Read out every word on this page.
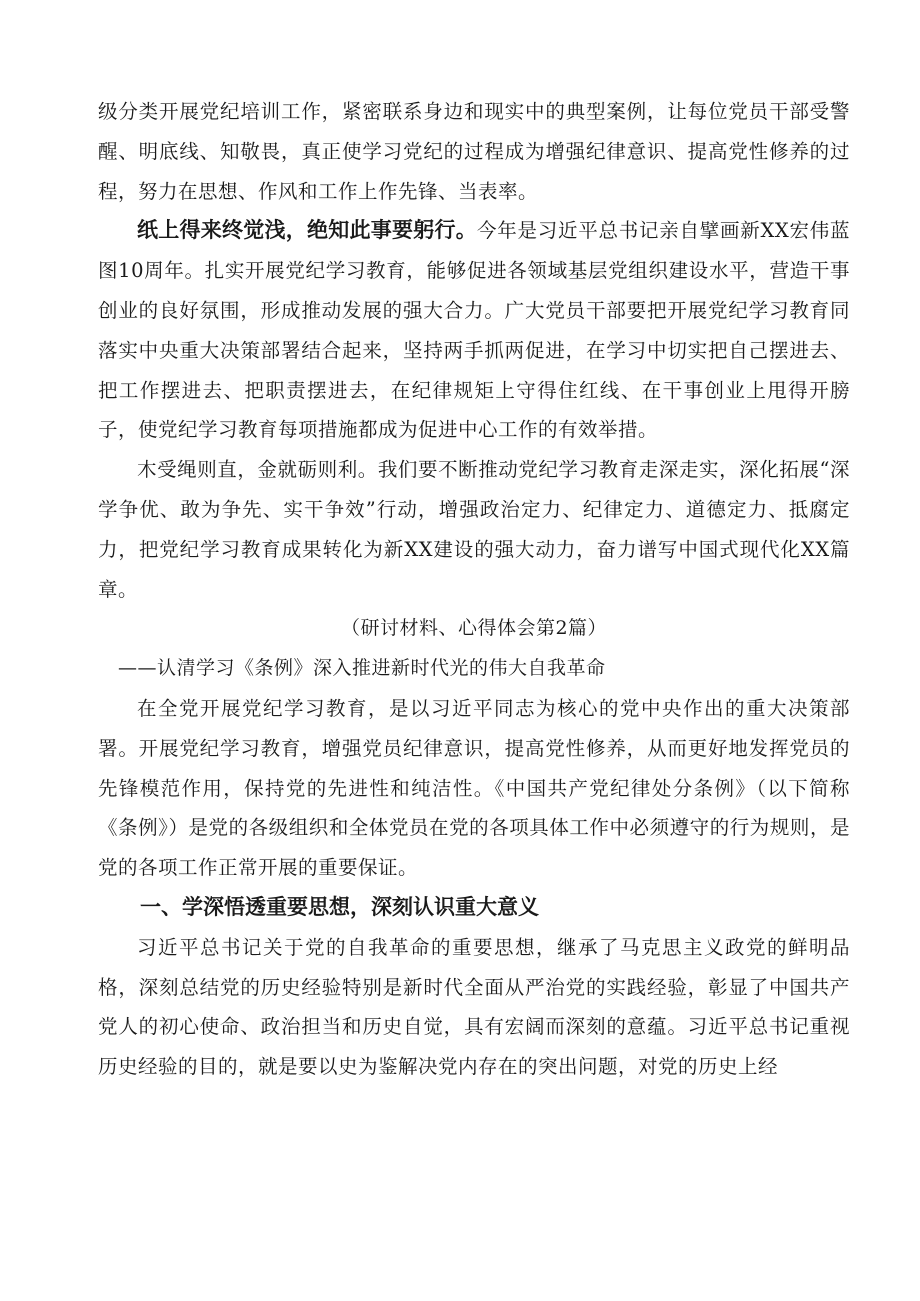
级分类开展党纪培训工作，紧密联系身边和现实中的典型案例，让每位党员干部受警醒、明底线、知敬畏，真正使学习党纪的过程成为增强纪律意识、提高党性修养的过程，努力在思想、作风和工作上作先锋、当表率。

纸上得来终觉浅，绝知此事要躬行。今年是习近平总书记亲自擘画新XX宏伟蓝图10周年。扎实开展党纪学习教育，能够促进各领域基层党组织建设水平，营造干事创业的良好氛围，形成推动发展的强大合力。广大党员干部要把开展党纪学习教育同落实中央重大决策部署结合起来，坚持两手抓两促进，在学习中切实把自己摆进去、把工作摆进去、把职责摆进去，在纪律规矩上守得住红线、在干事创业上甩得开膀子，使党纪学习教育每项措施都成为促进中心工作的有效举措。

木受绳则直，金就砺则利。我们要不断推动党纪学习教育走深走实，深化拓展“深学争优、敢为争先、实干争效”行动，增强政治定力、纪律定力、道德定力、抵腐定力，把党纪学习教育成果转化为新XX建设的强大动力，奋力谱写中国式现代化XX篇章。

（研讨材料、心得体会第2篇）

——认清学习《条例》深入推进新时代光的伟大自我革命

在全党开展党纪学习教育，是以习近平同志为核心的党中央作出的重大决策部署。开展党纪学习教育，增强党员纪律意识，提高党性修养，从而更好地发挥党员的先锋模范作用，保持党的先进性和纯洁性。《中国共产党纪律处分条例》（以下简称《条例》）是党的各级组织和全体党员在党的各项具体工作中必须遵守的行为规则，是党的各项工作正常开展的重要保证。

一、学深悟透重要思想，深刻认识重大意义

习近平总书记关于党的自我革命的重要思想，继承了马克思主义政党的鲜明品格，深刻总结党的历史经验特别是新时代全面从严治党的实践经验，彰显了中国共产党人的初心使命、政治担当和历史自觉，具有宏阔而深刻的意蕴。习近平总书记重视历史经验的目的，就是要以史为鉴解决党内存在的突出问题，对党的历史上经
